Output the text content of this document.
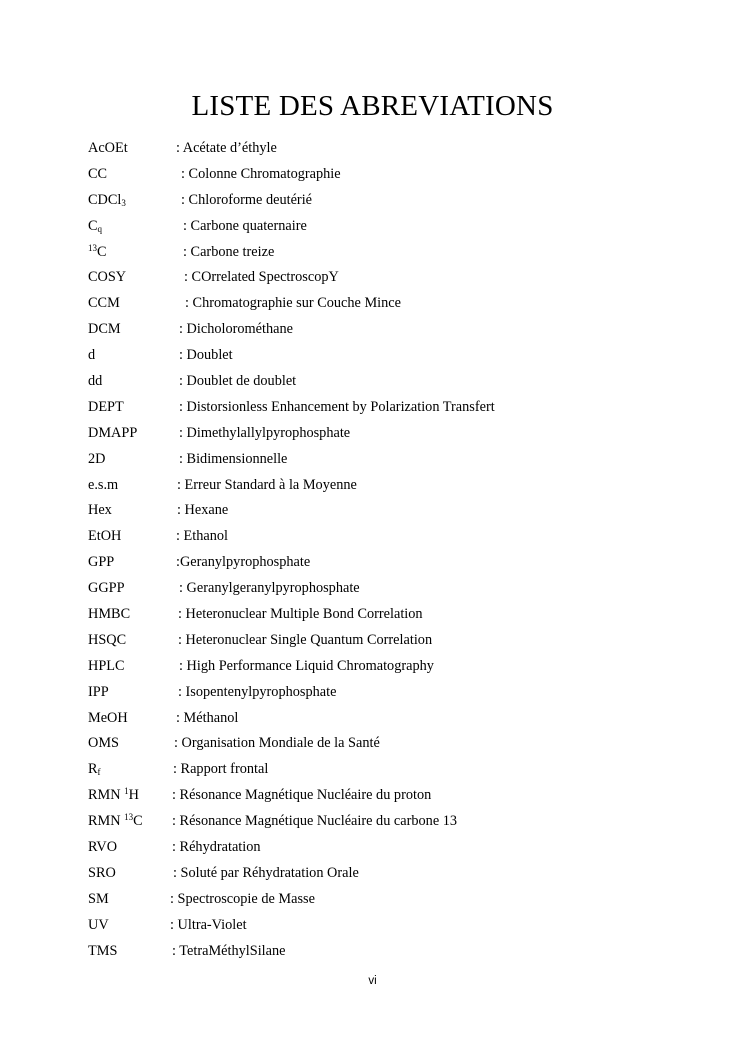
LISTE DES ABREVIATIONS
AcOEt	: Acétate d’éthyle
CC	: Colonne Chromatographie
CDCl$_3$	: Chloroforme deutérié
$C_q$	: Carbone quaternaire
$^{13}$C	: Carbone treize
COSY	: COrrelated SpectroscopY
CCM	: Chromatographie sur Couche Mince
DCM	: Dicholorométhane
d	: Doublet
dd	: Doublet de doublet
DEPT	: Distorsionless Enhancement by Polarization Transfert
DMAPP	: Dimethylallylpyrophosphate
2D	: Bidimensionnelle
e.s.m	: Erreur Standard à la Moyenne
Hex	: Hexane
EtOH	: Ethanol
GPP	:Geranylpyrophosphate
GGPP	: Geranylgeranylpyrophosphate
HMBC	: Heteronuclear Multiple Bond Correlation
HSQC	: Heteronuclear Single Quantum Correlation
HPLC	: High Performance Liquid Chromatography
IPP	: Isopentenylpyrophosphate
MeOH	: Méthanol
OMS	: Organisation Mondiale de la Santé
$R_f$	: Rapport frontal
RMN $^1$H : Résonance Magnétique Nucléaire du proton
RMN $^{13}$C : Résonance Magnétique Nucléaire du carbone 13
RVO	: Réhydratation
SRO	: Soluté par Réhydratation Orale
SM	: Spectroscopie de Masse
UV	: Ultra-Violet
TMS	: TetraMéthylSilane
vi
